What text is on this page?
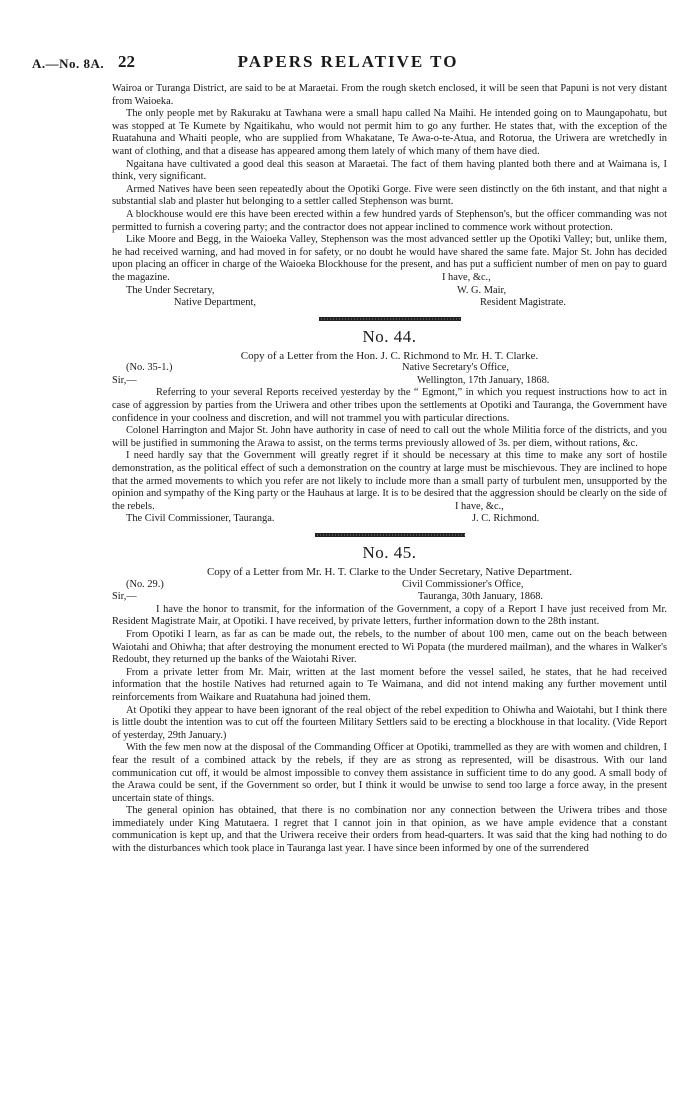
A.—No. 8A. 22	PAPERS RELATIVE TO

Wairoa or Turanga District, are said to be at Maraetai. From the rough sketch enclosed, it will be seen that Papuni is not very distant from Waioeka.

The only people met by Rakuraku at Tawhana were a small hapu called Na Maihi. He intended going on to Maungapohatu, but was stopped at Te Kumete by Ngaitikahu, who would not permit him to go any further. He states that, with the exception of the Ruatahuna and Whaiti people, who are supplied from Whakatane, Te Awa-o-te-Atua, and Rotorua, the Uriwera are wretchedly in want of clothing, and that a disease has appeared among them lately of which many of them have died.

Ngaitana have cultivated a good deal this season at Maraetai. The fact of them having planted both there and at Waimana is, I think, very significant.

Armed Natives have been seen repeatedly about the Opotiki Gorge. Five were seen distinctly on the 6th instant, and that night a substantial slab and plaster hut belonging to a settler called Stephenson was burnt.

A blockhouse would ere this have been erected within a few hundred yards of Stephenson's, but the officer commanding was not permitted to furnish a covering party; and the contractor does not appear inclined to commence work without protection.

Like Moore and Begg, in the Waioeka Valley, Stephenson was the most advanced settler up the Opotiki Valley; but, unlike them, he had received warning, and had moved in for safety, or no doubt he would have shared the same fate. Major St. John has decided upon placing an officer in charge of the Waioeka Blockhouse for the present, and has put a sufficient number of men on pay to guard the magazine.

The Under Secretary,
I have, &c.,
W. G. Mair,
Native Department,	Resident Magistrate.
No. 44.
Copy of a Letter from the Hon. J. C. Richmond to Mr. H. T. Clarke.
(No. 35-1.)	Native Secretary's Office,
Sir,—	Wellington, 17th January, 1868.

Referring to your several Reports received yesterday by the “ Egmont,” in which you request instructions how to act in case of aggression by parties from the Uriwera and other tribes upon the settlements at Opotiki and Tauranga, the Government have confidence in your coolness and discretion, and will not trammel you with particular directions.

Colonel Harrington and Major St. John have authority in case of need to call out the whole Militia force of the districts, and you will be justified in summoning the Arawa to assist, on the terms terms previously allowed of 3s. per diem, without rations, &c.

I need hardly say that the Government will greatly regret if it should be necessary at this time to make any sort of hostile demonstration, as the political effect of such a demonstration on the country at large must be mischievous. They are inclined to hope that the armed movements to which you refer are not likely to include more than a small party of turbulent men, unsupported by the opinion and sympathy of the King party or the Hauhaus at large. It is to be desired that the aggression should be clearly on the side of the rebels.

The Civil Commissioner, Tauranga.
I have, &c.,
J. C. Richmond.
No. 45.
Copy of a Letter from Mr. H. T. Clarke to the Under Secretary, Native Department.
(No. 29.)	Civil Commissioner's Office,
Sir,—	Tauranga, 30th January, 1868.

I have the honor to transmit, for the information of the Government, a copy of a Report I have just received from Mr. Resident Magistrate Mair, at Opotiki. I have received, by private letters, further information down to the 28th instant.

From Opotiki I learn, as far as can be made out, the rebels, to the number of about 100 men, came out on the beach between Waiotahi and Ohiwha; that after destroying the monument erected to Wi Popata (the murdered mailman), and the whares in Walker's Redoubt, they returned up the banks of the Waiotahi River.

From a private letter from Mr. Mair, written at the last moment before the vessel sailed, he states, that he had received information that the hostile Natives had returned again to Te Waimana, and did not intend making any further movement until reinforcements from Waikare and Ruatahuna had joined them.

At Opotiki they appear to have been ignorant of the real object of the rebel expedition to Ohiwha and Waiotahi, but I think there is little doubt the intention was to cut off the fourteen Military Settlers said to be erecting a blockhouse in that locality. (Vide Report of yesterday, 29th January.)

With the few men now at the disposal of the Commanding Officer at Opotiki, trammelled as they are with women and children, I fear the result of a combined attack by the rebels, if they are as strong as represented, will be disastrous. With our land communication cut off, it would be almost impossible to convey them assistance in sufficient time to do any good. A small body of the Arawa could be sent, if the Government so order, but I think it would be unwise to send too large a force away, in the present uncertain state of things.

The general opinion has obtained, that there is no combination nor any connection between the Uriwera tribes and those immediately under King Matutaera. I regret that I cannot join in that opinion, as we have ample evidence that a constant communication is kept up, and that the Uriwera receive their orders from head-quarters. It was said that the king had nothing to do with the disturbances which took place in Tauranga last year. I have since been informed by one of the surrendered
